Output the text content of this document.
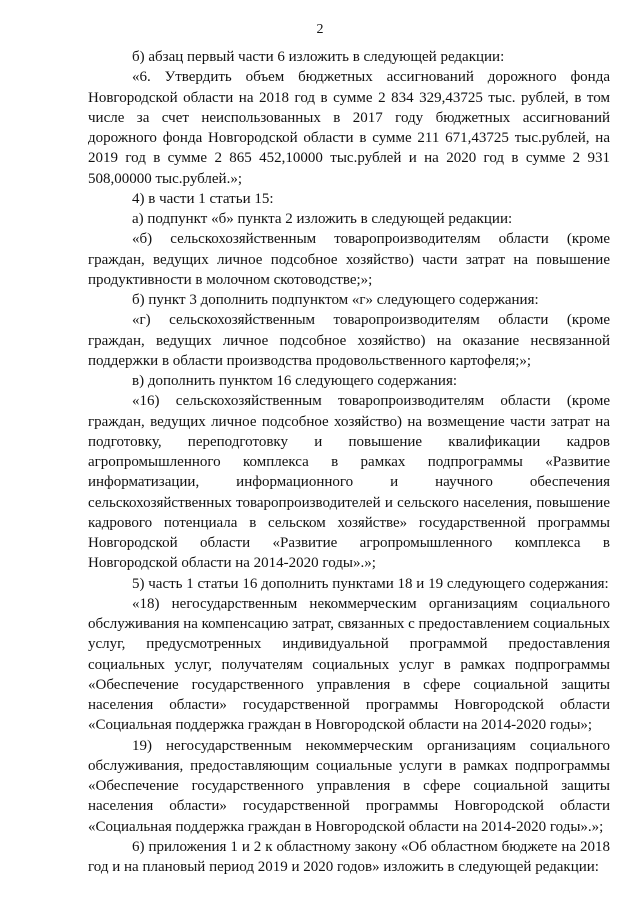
2

б) абзац первый части 6 изложить в следующей редакции:

«6. Утвердить объем бюджетных ассигнований дорожного фонда Новгородской области на 2018 год в сумме 2 834 329,43725 тыс. рублей, в том числе за счет неиспользованных в 2017 году бюджетных ассигнований дорожного фонда Новгородской области в сумме 211 671,43725 тыс.рублей, на 2019 год в сумме 2 865 452,10000 тыс.рублей и на 2020 год в сумме 2 931 508,00000 тыс.рублей.»;

4) в части 1 статьи 15:

а) подпункт «б» пункта 2 изложить в следующей редакции:

«б) сельскохозяйственным товаропроизводителям области (кроме граждан, ведущих личное подсобное хозяйство) части затрат на повышение продуктивности в молочном скотоводстве;»;

б) пункт 3 дополнить подпунктом «г» следующего содержания:

«г) сельскохозяйственным товаропроизводителям области (кроме граждан, ведущих личное подсобное хозяйство) на оказание несвязанной поддержки в области производства продовольственного картофеля;»;

в) дополнить пунктом 16 следующего содержания:

«16) сельскохозяйственным товаропроизводителям области (кроме граждан, ведущих личное подсобное хозяйство) на возмещение части затрат на подготовку, переподготовку и повышение квалификации кадров агропромышленного комплекса в рамках подпрограммы «Развитие информатизации, информационного и научного обеспечения сельскохозяйственных товаропроизводителей и сельского населения, повышение кадрового потенциала в сельском хозяйстве» государственной программы Новгородской области «Развитие агропромышленного комплекса в Новгородской области на 2014-2020 годы».»;

5) часть 1 статьи 16 дополнить пунктами 18 и 19 следующего содержания:

«18) негосударственным некоммерческим организациям социального обслуживания на компенсацию затрат, связанных с предоставлением социальных услуг, предусмотренных индивидуальной программой предоставления социальных услуг, получателям социальных услуг в рамках подпрограммы «Обеспечение государственного управления в сфере социальной защиты населения области» государственной программы Новгородской области «Социальная поддержка граждан в Новгородской области на 2014-2020 годы»;

19) негосударственным некоммерческим организациям социального обслуживания, предоставляющим социальные услуги в рамках подпрограммы «Обеспечение государственного управления в сфере социальной защиты населения области» государственной программы Новгородской области «Социальная поддержка граждан в Новгородской области на 2014-2020 годы».»;

6) приложения 1 и 2 к областному закону «Об областном бюджете на 2018 год и на плановый период 2019 и 2020 годов» изложить в следующей редакции:
